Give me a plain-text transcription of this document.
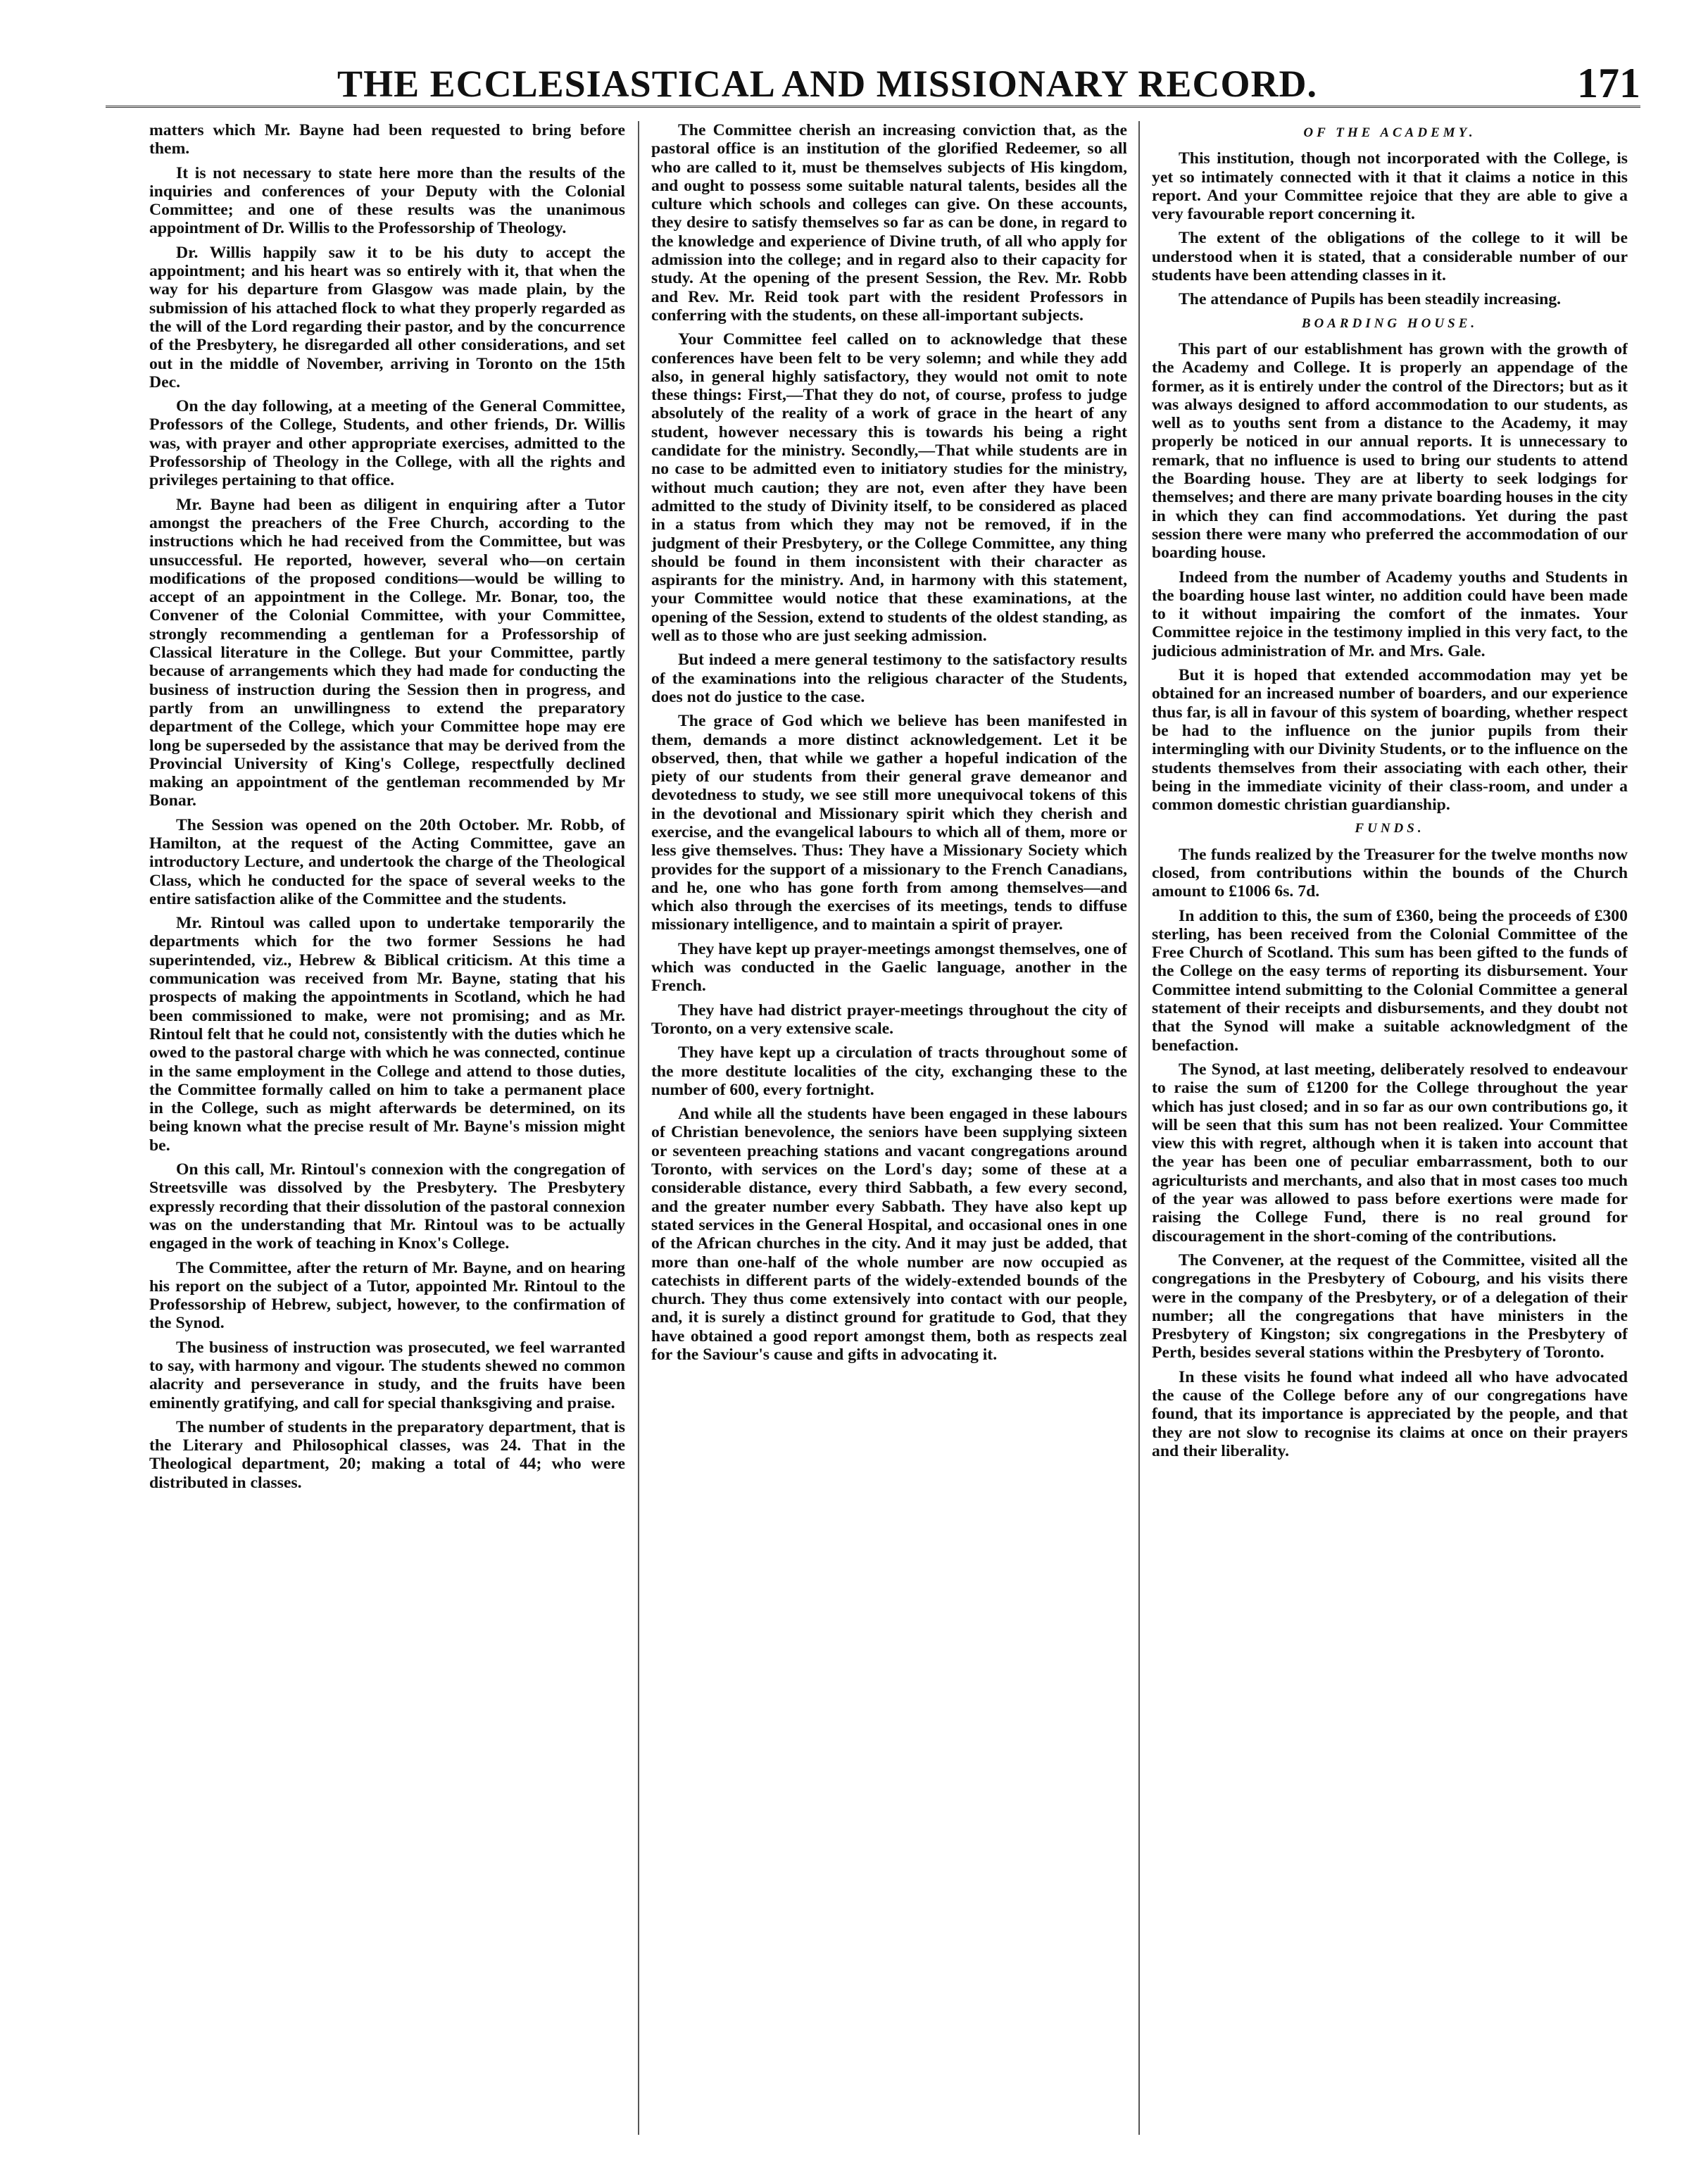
THE ECCLESIASTICAL AND MISSIONARY RECORD.	171

matters which Mr. Bayne had been requested to bring before them.

It is not necessary to state here more than the results of the inquiries and conferences of your Deputy with the Colonial Committee; and one of these results was the unanimous appointment of Dr. Willis to the Professorship of Theology.

Dr. Willis happily saw it to be his duty to accept the appointment; and his heart was so entirely with it, that when the way for his departure from Glasgow was made plain, by the submission of his attached flock to what they properly regarded as the will of the Lord regarding their pastor, and by the concurrence of the Presbytery, he disregarded all other considerations, and set out in the middle of November, arriving in Toronto on the 15th Dec.

On the day following, at a meeting of the General Committee, Professors of the College, Students, and other friends, Dr. Willis was, with prayer and other appropriate exercises, admitted to the Professorship of Theology in the College, with all the rights and privileges pertaining to that office.

Mr. Bayne had been as diligent in enquiring after a Tutor amongst the preachers of the Free Church, according to the instructions which he had received from the Committee, but was unsuccessful. He reported, however, several who—on certain modifications of the proposed conditions—would be willing to accept of an appointment in the College. Mr. Bonar, too, the Convener of the Colonial Committee, with your Committee, strongly recommending a gentleman for a Professorship of Classical literature in the College. But your Committee, partly because of arrangements which they had made for conducting the business of instruction during the Session then in progress, and partly from an unwillingness to extend the preparatory department of the College, which your Committee hope may ere long be superseded by the assistance that may be derived from the Provincial University of King's College, respectfully declined making an appointment of the gentleman recommended by Mr Bonar.

The Session was opened on the 20th October. Mr. Robb, of Hamilton, at the request of the Acting Committee, gave an introductory Lecture, and undertook the charge of the Theological Class, which he conducted for the space of several weeks to the entire satisfaction alike of the Committee and the students.

Mr. Rintoul was called upon to undertake temporarily the departments which for the two former Sessions he had superintended, viz., Hebrew & Biblical criticism. At this time a communication was received from Mr. Bayne, stating that his prospects of making the appointments in Scotland, which he had been commissioned to make, were not promising; and as Mr. Rintoul felt that he could not, consistently with the duties which he owed to the pastoral charge with which he was connected, continue in the same employment in the College and attend to those duties, the Committee formally called on him to take a permanent place in the College, such as might afterwards be determined, on its being known what the precise result of Mr. Bayne's mission might be.

On this call, Mr. Rintoul's connexion with the congregation of Streetsville was dissolved by the Presbytery. The Presbytery expressly recording that their dissolution of the pastoral connexion was on the understanding that Mr. Rintoul was to be actually engaged in the work of teaching in Knox's College.

The Committee, after the return of Mr. Bayne, and on hearing his report on the subject of a Tutor, appointed Mr. Rintoul to the Professorship of Hebrew, subject, however, to the confirmation of the Synod.

The business of instruction was prosecuted, we feel warranted to say, with harmony and vigour. The students shewed no common alacrity and perseverance in study, and the fruits have been eminently gratifying, and call for special thanksgiving and praise.

The number of students in the preparatory department, that is the Literary and Philosophical classes, was 24. That in the Theological department, 20; making a total of 44; who were distributed in classes.

The Committee cherish an increasing conviction that, as the pastoral office is an institution of the glorified Redeemer, so all who are called to it, must be themselves subjects of His kingdom, and ought to possess some suitable natural talents, besides all the culture which schools and colleges can give. On these accounts, they desire to satisfy themselves so far as can be done, in regard to the knowledge and experience of Divine truth, of all who apply for admission into the college; and in regard also to their capacity for study. At the opening of the present Session, the Rev. Mr. Robb and Rev. Mr. Reid took part with the resident Professors in conferring with the students, on these all-important subjects.

Your Committee feel called on to acknowledge that these conferences have been felt to be very solemn; and while they add also, in general highly satisfactory, they would not omit to note these things: First,—That they do not, of course, profess to judge absolutely of the reality of a work of grace in the heart of any student, however necessary this is towards his being a right candidate for the ministry. Secondly,—That while students are in no case to be admitted even to initiatory studies for the ministry, without much caution; they are not, even after they have been admitted to the study of Divinity itself, to be considered as placed in a status from which they may not be removed, if in the judgment of their Presbytery, or the College Committee, any thing should be found in them inconsistent with their character as aspirants for the ministry. And, in harmony with this statement, your Committee would notice that these examinations, at the opening of the Session, extend to students of the oldest standing, as well as to those who are just seeking admission.

But indeed a mere general testimony to the satisfactory results of the examinations into the religious character of the Students, does not do justice to the case.

The grace of God which we believe has been manifested in them, demands a more distinct acknowledgement. Let it be observed, then, that while we gather a hopeful indication of the piety of our students from their general grave demeanor and devotedness to study, we see still more unequivocal tokens of this in the devotional and Missionary spirit which they cherish and exercise, and the evangelical labours to which all of them, more or less give themselves. Thus: They have a Missionary Society which provides for the support of a missionary to the French Canadians, and he, one who has gone forth from among themselves—and which also through the exercises of its meetings, tends to diffuse missionary intelligence, and to maintain a spirit of prayer.

They have kept up prayer-meetings amongst themselves, one of which was conducted in the Gaelic language, another in the French.

They have had district prayer-meetings throughout the city of Toronto, on a very extensive scale.

They have kept up a circulation of tracts throughout some of the more destitute localities of the city, exchanging these to the number of 600, every fortnight.

And while all the students have been engaged in these labours of Christian benevolence, the seniors have been supplying sixteen or seventeen preaching stations and vacant congregations around Toronto, with services on the Lord's day; some of these at a considerable distance, every third Sabbath, a few every second, and the greater number every Sabbath. They have also kept up stated services in the General Hospital, and occasional ones in one of the African churches in the city. And it may just be added, that more than one-half of the whole number are now occupied as catechists in different parts of the widely-extended bounds of the church. They thus come extensively into contact with our people, and, it is surely a distinct ground for gratitude to God, that they have obtained a good report amongst them, both as respects zeal for the Saviour's cause and gifts in advocating it.

OF THE ACADEMY.

This institution, though not incorporated with the College, is yet so intimately connected with it that it claims a notice in this report. And your Committee rejoice that they are able to give a very favourable report concerning it.

The extent of the obligations of the college to it will be understood when it is stated, that a considerable number of our students have been attending classes in it.

The attendance of Pupils has been steadily increasing.

BOARDING HOUSE.

This part of our establishment has grown with the growth of the Academy and College. It is properly an appendage of the former, as it is entirely under the control of the Directors; but as it was always designed to afford accommodation to our students, as well as to youths sent from a distance to the Academy, it may properly be noticed in our annual reports. It is unnecessary to remark, that no influence is used to bring our students to attend the Boarding house. They are at liberty to seek lodgings for themselves; and there are many private boarding houses in the city in which they can find accommodations. Yet during the past session there were many who preferred the accommodation of our boarding house.

Indeed from the number of Academy youths and Students in the boarding house last winter, no addition could have been made to it without impairing the comfort of the inmates. Your Committee rejoice in the testimony implied in this very fact, to the judicious administration of Mr. and Mrs. Gale.

But it is hoped that extended accommodation may yet be obtained for an increased number of boarders, and our experience thus far, is all in favour of this system of boarding, whether respect be had to the influence on the junior pupils from their intermingling with our Divinity Students, or to the influence on the students themselves from their associating with each other, their being in the immediate vicinity of their class-room, and under a common domestic christian guardianship.

FUNDS.

The funds realized by the Treasurer for the twelve months now closed, from contributions within the bounds of the Church amount to £1006 6s. 7d.

In addition to this, the sum of £360, being the proceeds of £300 sterling, has been received from the Colonial Committee of the Free Church of Scotland. This sum has been gifted to the funds of the College on the easy terms of reporting its disbursement. Your Committee intend submitting to the Colonial Committee a general statement of their receipts and disbursements, and they doubt not that the Synod will make a suitable acknowledgment of the benefaction.

The Synod, at last meeting, deliberately resolved to endeavour to raise the sum of £1200 for the College throughout the year which has just closed; and in so far as our own contributions go, it will be seen that this sum has not been realized. Your Committee view this with regret, although when it is taken into account that the year has been one of peculiar embarrassment, both to our agriculturists and merchants, and also that in most cases too much of the year was allowed to pass before exertions were made for raising the College Fund, there is no real ground for discouragement in the short-coming of the contributions.

The Convener, at the request of the Committee, visited all the congregations in the Presbytery of Cobourg, and his visits there were in the company of the Presbytery, or of a delegation of their number; all the congregations that have ministers in the Presbytery of Kingston; six congregations in the Presbytery of Perth, besides several stations within the Presbytery of Toronto.

In these visits he found what indeed all who have advocated the cause of the College before any of our congregations have found, that its importance is appreciated by the people, and that they are not slow to recognise its claims at once on their prayers and their liberality.
